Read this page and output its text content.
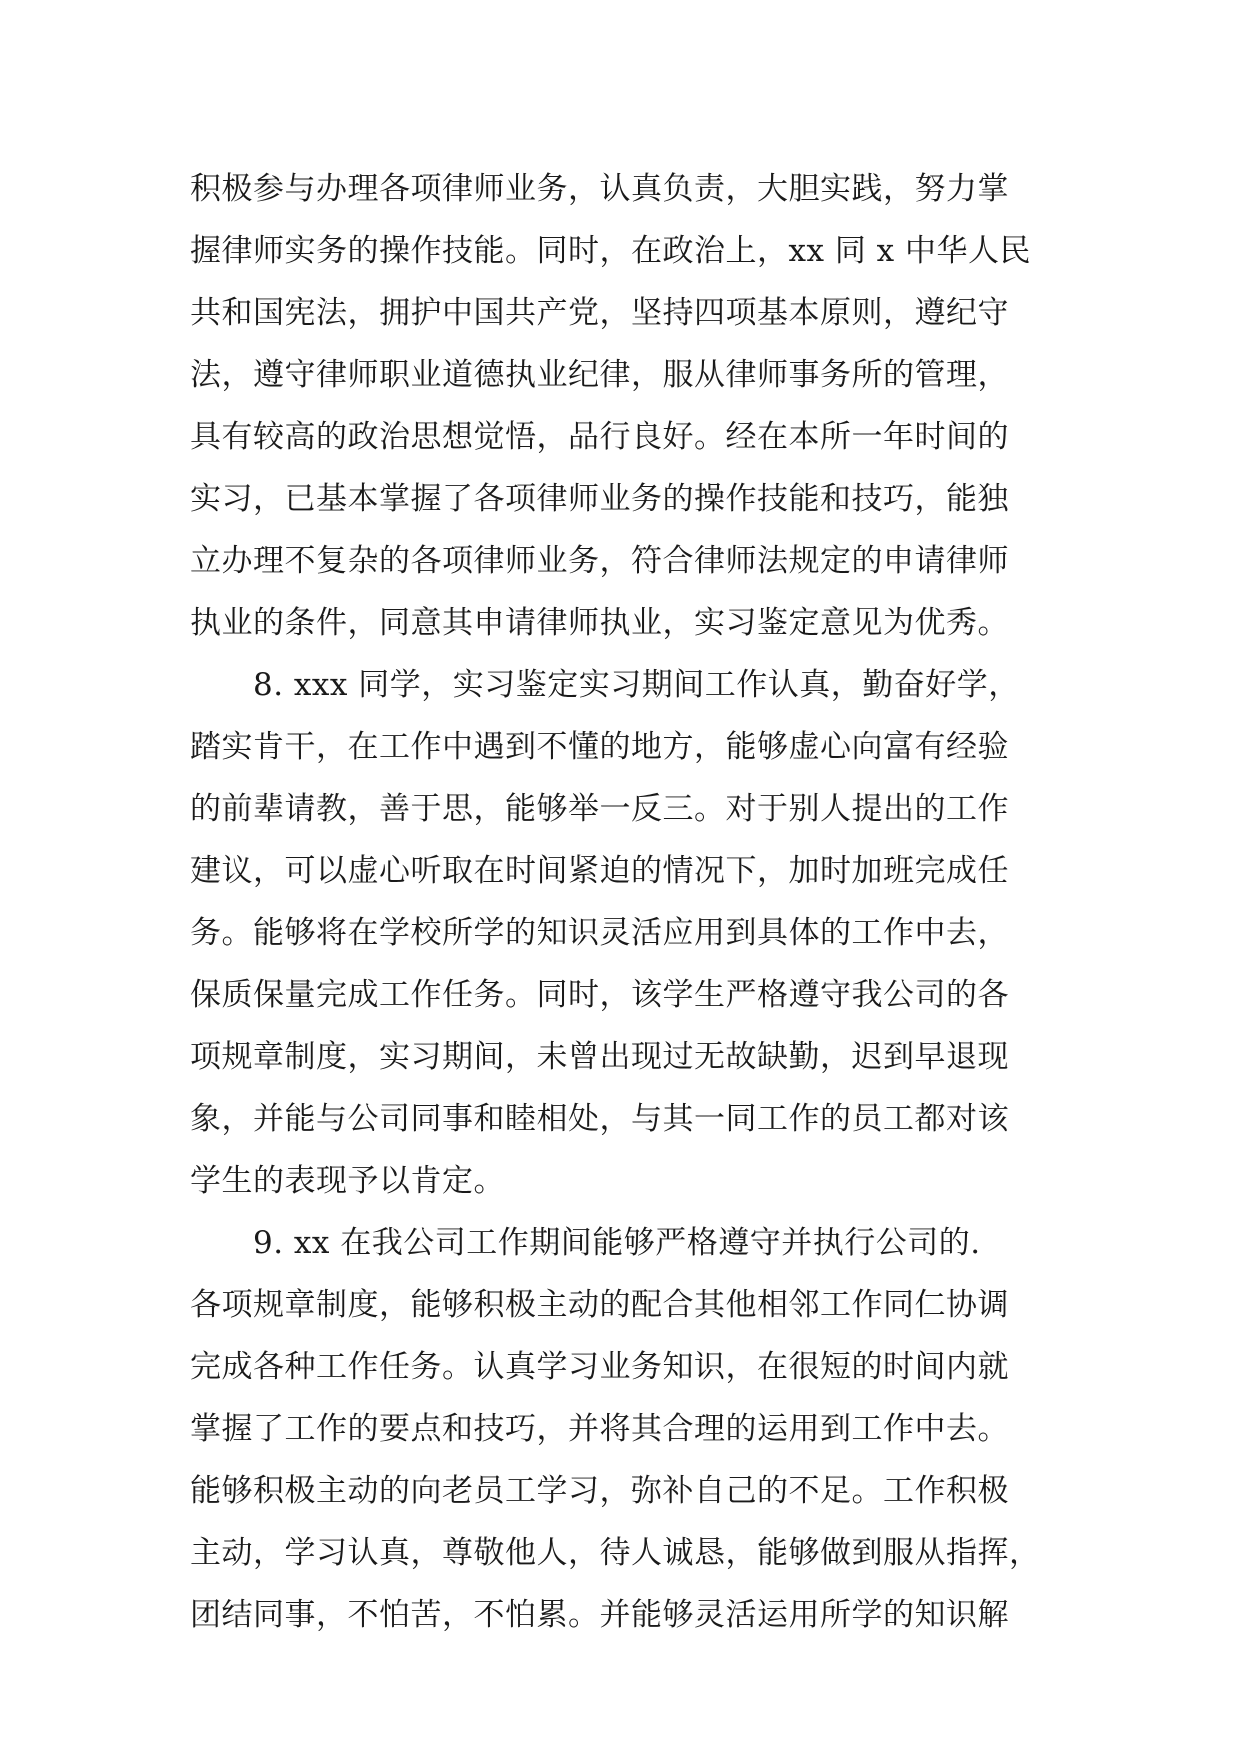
积极参与办理各项律师业务，认真负责，大胆实践，努力掌
握律师实务的操作技能。同时，在政治上，xx 同 x 中华人民
共和国宪法，拥护中国共产党，坚持四项基本原则，遵纪守
法，遵守律师职业道德执业纪律，服从律师事务所的管理，
具有较高的政治思想觉悟，品行良好。经在本所一年时间的
实习，已基本掌握了各项律师业务的操作技能和技巧，能独
立办理不复杂的各项律师业务，符合律师法规定的申请律师
执业的条件，同意其申请律师执业，实习鉴定意见为优秀。
　　8. xxx 同学，实习鉴定实习期间工作认真，勤奋好学，
踏实肯干，在工作中遇到不懂的地方，能够虚心向富有经验
的前辈请教，善于思，能够举一反三。对于别人提出的工作
建议，可以虚心听取在时间紧迫的情况下，加时加班完成任
务。能够将在学校所学的知识灵活应用到具体的工作中去，
保质保量完成工作任务。同时，该学生严格遵守我公司的各
项规章制度，实习期间，未曾出现过无故缺勤，迟到早退现
象，并能与公司同事和睦相处，与其一同工作的员工都对该
学生的表现予以肯定。
　　9. xx 在我公司工作期间能够严格遵守并执行公司的.
各项规章制度，能够积极主动的配合其他相邻工作同仁协调
完成各种工作任务。认真学习业务知识，在很短的时间内就
掌握了工作的要点和技巧，并将其合理的运用到工作中去。
能够积极主动的向老员工学习，弥补自己的不足。工作积极
主动，学习认真，尊敬他人，待人诚恳，能够做到服从指挥，
团结同事，不怕苦，不怕累。并能够灵活运用所学的知识解
